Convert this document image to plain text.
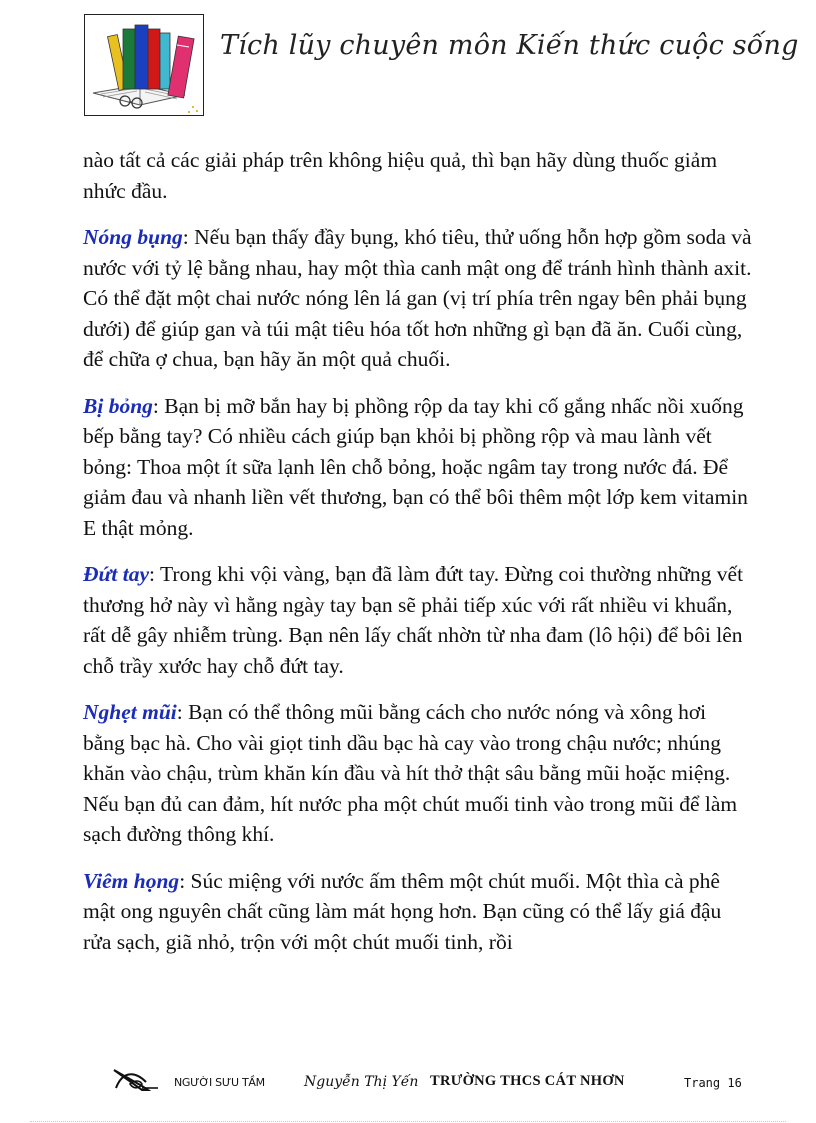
Tích lũy chuyên môn Kiến thức cuộc sống

nào tất cả các giải pháp trên không hiệu quả, thì bạn hãy dùng thuốc giảm nhức đầu.

Nóng bụng: Nếu bạn thấy đầy bụng, khó tiêu, thử uống hỗn hợp gồm soda và nước với tỷ lệ bằng nhau, hay một thìa canh mật ong để tránh hình thành axit. Có thể đặt một chai nước nóng lên lá gan (vị trí phía trên ngay bên phải bụng dưới) để giúp gan và túi mật tiêu hóa tốt hơn những gì bạn đã ăn. Cuối cùng, để chữa ợ chua, bạn hãy ăn một quả chuối.

Bị bỏng: Bạn bị mỡ bắn hay bị phồng rộp da tay khi cố gắng nhấc nồi xuống bếp bằng tay? Có nhiều cách giúp bạn khỏi bị phồng rộp và mau lành vết bỏng: Thoa một ít sữa lạnh lên chỗ bỏng, hoặc ngâm tay trong nước đá. Để giảm đau và nhanh liền vết thương, bạn có thể bôi thêm một lớp kem vitamin E thật mỏng.

Đứt tay: Trong khi vội vàng, bạn đã làm đứt tay. Đừng coi thường những vết thương hở này vì hằng ngày tay bạn sẽ phải tiếp xúc với rất nhiều vi khuẩn, rất dễ gây nhiễm trùng. Bạn nên lấy chất nhờn từ nha đam (lô hội) để bôi lên chỗ trầy xước hay chỗ đứt tay.

Nghẹt mũi: Bạn có thể thông mũi bằng cách cho nước nóng và xông hơi bằng bạc hà. Cho vài giọt tinh dầu bạc hà cay vào trong chậu nước; nhúng khăn vào chậu, trùm khăn kín đầu và hít thở thật sâu bằng mũi hoặc miệng. Nếu bạn đủ can đảm, hít nước pha một chút muối tinh vào trong mũi để làm sạch đường thông khí.

Viêm họng: Súc miệng với nước ấm thêm một chút muối. Một thìa cà phê mật ong nguyên chất cũng làm mát họng hơn. Bạn cũng có thể lấy giá đậu rửa sạch, giã nhỏ, trộn với một chút muối tinh, rồi

NGƯỜI SƯU TẦM	Nguyễn Thị Yến TRƯỜNG THCS CÁT NHƠN	Trang 16
